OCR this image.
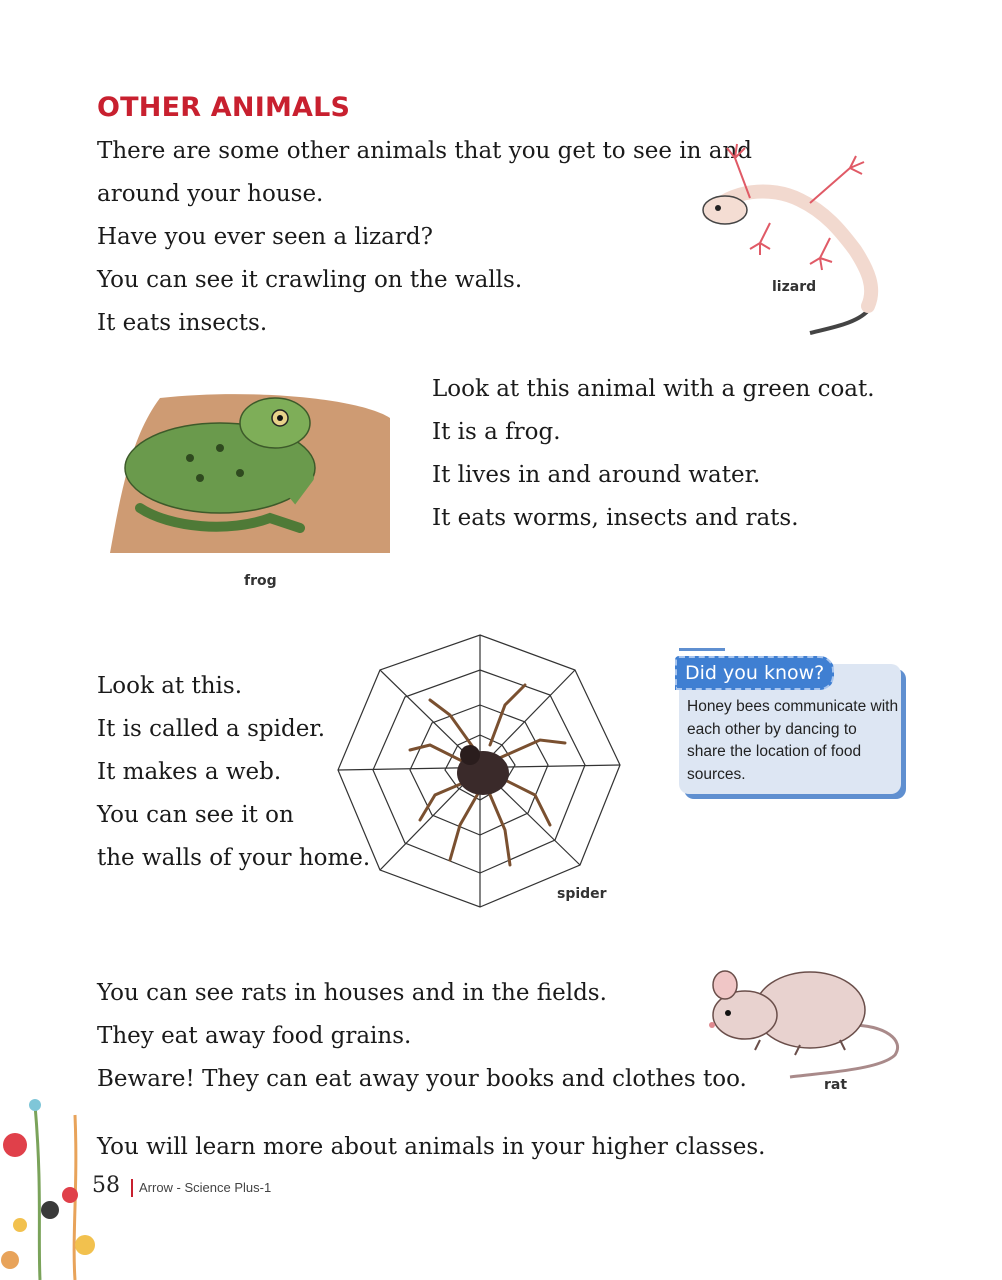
OTHER ANIMALS

There are some other animals that you get to see in and
around your house.
Have you ever seen a lizard?
You can see it crawling on the walls.
It eats insects.

lizard
frog

Look at this animal with a green coat.
It is a frog.
It lives in and around water.
It eats worms, insects and rats.

Look at this.
It is called a spider.
It makes a web.
You can see it on
the walls of your home.

spider
Did you know?

Honey bees communicate with each other by dancing to share the location of food sources.

You can see rats in houses and in the fields.
They eat away food grains.
Beware! They can eat away your books and clothes too.	rat

You will learn more about animals in your higher classes.

58 Arrow - Science Plus-1
